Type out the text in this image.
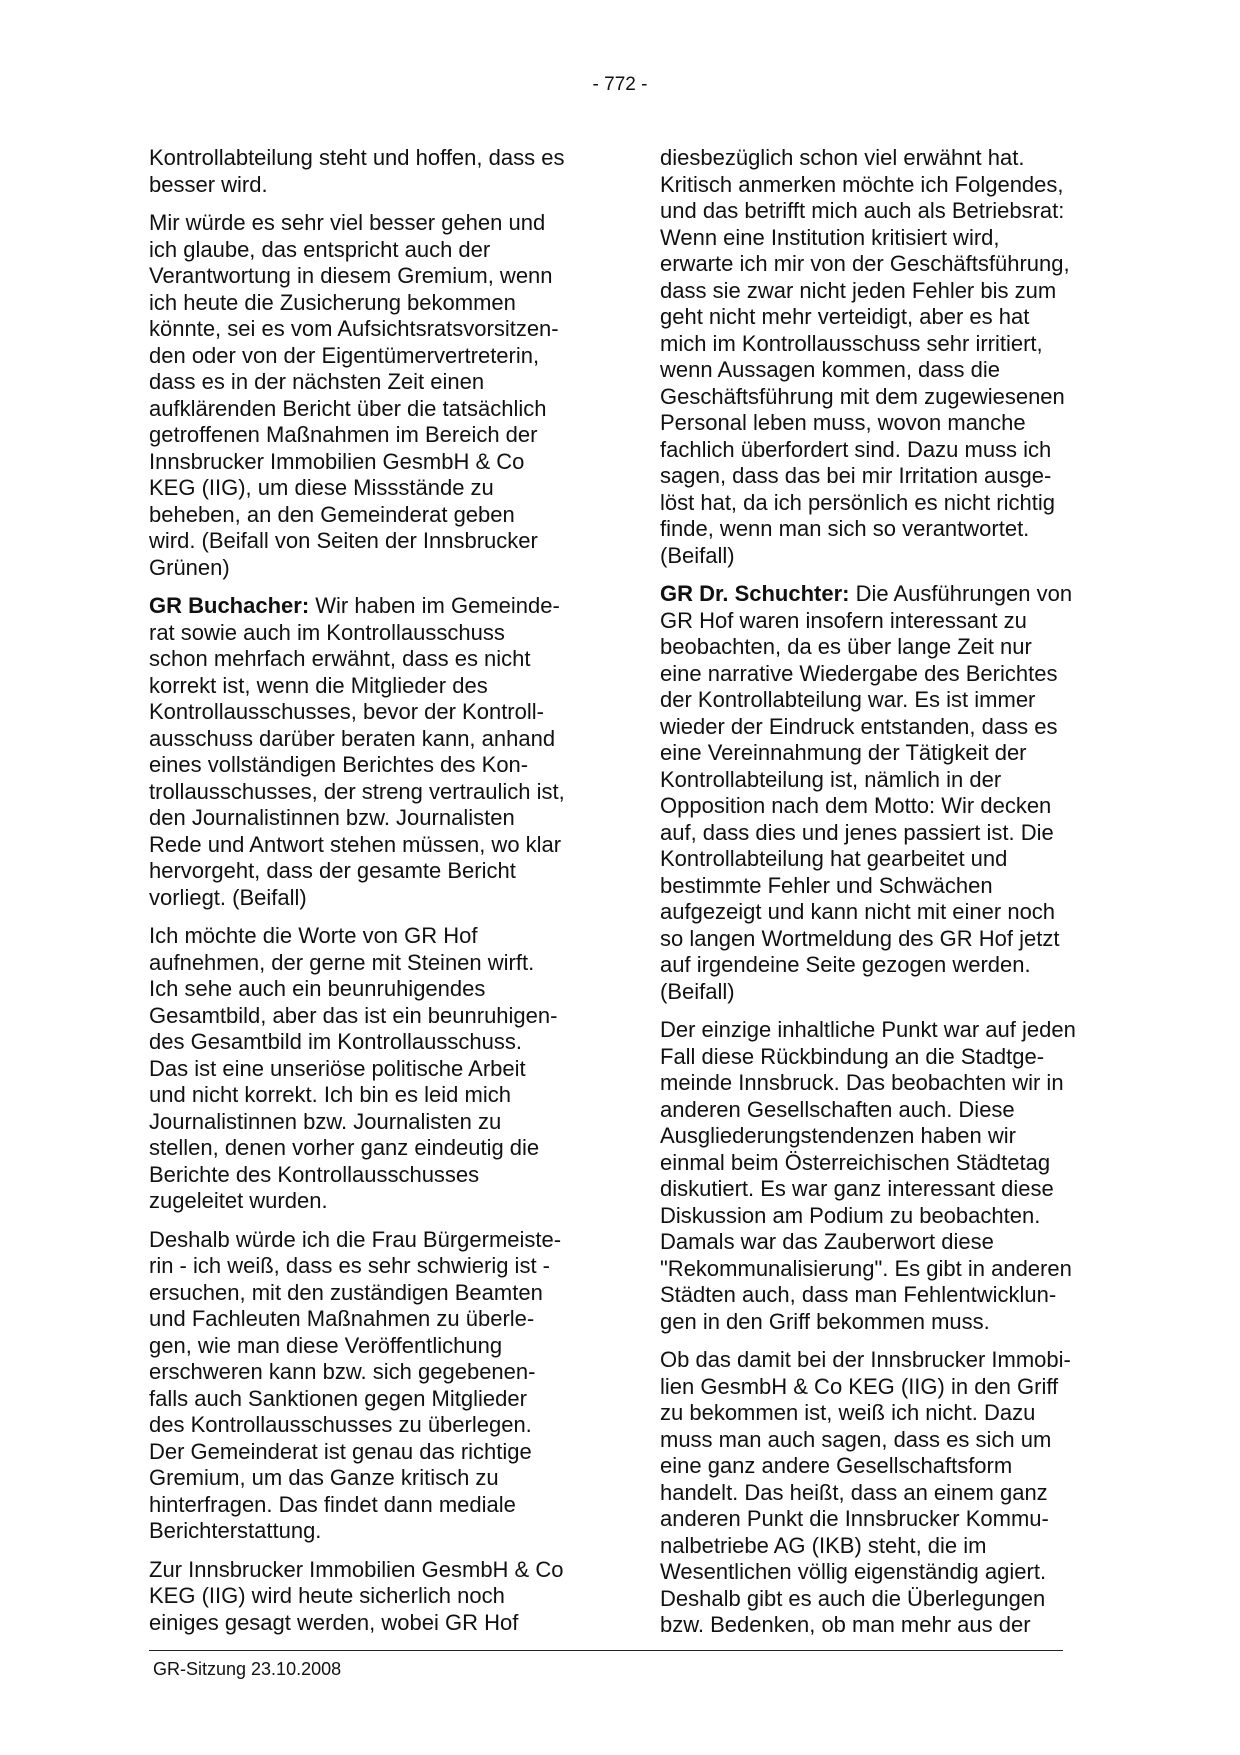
- 772 -

Kontrollabteilung steht und hoffen, dass es
besser wird.

Mir würde es sehr viel besser gehen und
ich glaube, das entspricht auch der
Verantwortung in diesem Gremium, wenn
ich heute die Zusicherung bekommen
könnte, sei es vom Aufsichtsratsvorsitzen-
den oder von der Eigentümervertreterin,
dass es in der nächsten Zeit einen
aufklärenden Bericht über die tatsächlich
getroffenen Maßnahmen im Bereich der
Innsbrucker Immobilien GesmbH & Co
KEG (IIG), um diese Missstände zu
beheben, an den Gemeinderat geben
wird. (Beifall von Seiten der Innsbrucker
Grünen)

GR Buchacher: Wir haben im Gemeinde-
rat sowie auch im Kontrollausschuss
schon mehrfach erwähnt, dass es nicht
korrekt ist, wenn die Mitglieder des
Kontrollausschusses, bevor der Kontroll-
ausschuss darüber beraten kann, anhand
eines vollständigen Berichtes des Kon-
trollausschusses, der streng vertraulich ist,
den Journalistinnen bzw. Journalisten
Rede und Antwort stehen müssen, wo klar
hervorgeht, dass der gesamte Bericht
vorliegt. (Beifall)

Ich möchte die Worte von GR Hof
aufnehmen, der gerne mit Steinen wirft.
Ich sehe auch ein beunruhigendes
Gesamtbild, aber das ist ein beunruhigen-
des Gesamtbild im Kontrollausschuss.
Das ist eine unseriöse politische Arbeit
und nicht korrekt. Ich bin es leid mich
Journalistinnen bzw. Journalisten zu
stellen, denen vorher ganz eindeutig die
Berichte des Kontrollausschusses
zugeleitet wurden.

Deshalb würde ich die Frau Bürgermeiste-
rin - ich weiß, dass es sehr schwierig ist -
ersuchen, mit den zuständigen Beamten
und Fachleuten Maßnahmen zu überle-
gen, wie man diese Veröffentlichung
erschweren kann bzw. sich gegebenen-
falls auch Sanktionen gegen Mitglieder
des Kontrollausschusses zu überlegen.
Der Gemeinderat ist genau das richtige
Gremium, um das Ganze kritisch zu
hinterfragen. Das findet dann mediale
Berichterstattung.

Zur Innsbrucker Immobilien GesmbH & Co
KEG (IIG) wird heute sicherlich noch
einiges gesagt werden, wobei GR Hof

diesbezüglich schon viel erwähnt hat.
Kritisch anmerken möchte ich Folgendes,
und das betrifft mich auch als Betriebsrat:
Wenn eine Institution kritisiert wird,
erwarte ich mir von der Geschäftsführung,
dass sie zwar nicht jeden Fehler bis zum
geht nicht mehr verteidigt, aber es hat
mich im Kontrollausschuss sehr irritiert,
wenn Aussagen kommen, dass die
Geschäftsführung mit dem zugewiesenen
Personal leben muss, wovon manche
fachlich überfordert sind. Dazu muss ich
sagen, dass das bei mir Irritation ausge-
löst hat, da ich persönlich es nicht richtig
finde, wenn man sich so verantwortet.
(Beifall)

GR Dr. Schuchter: Die Ausführungen von
GR Hof waren insofern interessant zu
beobachten, da es über lange Zeit nur
eine narrative Wiedergabe des Berichtes
der Kontrollabteilung war. Es ist immer
wieder der Eindruck entstanden, dass es
eine Vereinnahmung der Tätigkeit der
Kontrollabteilung ist, nämlich in der
Opposition nach dem Motto: Wir decken
auf, dass dies und jenes passiert ist. Die
Kontrollabteilung hat gearbeitet und
bestimmte Fehler und Schwächen
aufgezeigt und kann nicht mit einer noch
so langen Wortmeldung des GR Hof jetzt
auf irgendeine Seite gezogen werden.
(Beifall)

Der einzige inhaltliche Punkt war auf jeden
Fall diese Rückbindung an die Stadtge-
meinde Innsbruck. Das beobachten wir in
anderen Gesellschaften auch. Diese
Ausgliederungstendenzen haben wir
einmal beim Österreichischen Städtetag
diskutiert. Es war ganz interessant diese
Diskussion am Podium zu beobachten.
Damals war das Zauberwort diese
"Rekommunalisierung". Es gibt in anderen
Städten auch, dass man Fehlentwicklun-
gen in den Griff bekommen muss.

Ob das damit bei der Innsbrucker Immobi-
lien GesmbH & Co KEG (IIG) in den Griff
zu bekommen ist, weiß ich nicht. Dazu
muss man auch sagen, dass es sich um
eine ganz andere Gesellschaftsform
handelt. Das heißt, dass an einem ganz
anderen Punkt die Innsbrucker Kommu-
nalbetriebe AG (IKB) steht, die im
Wesentlichen völlig eigenständig agiert.
Deshalb gibt es auch die Überlegungen
bzw. Bedenken, ob man mehr aus der

GR-Sitzung 23.10.2008
